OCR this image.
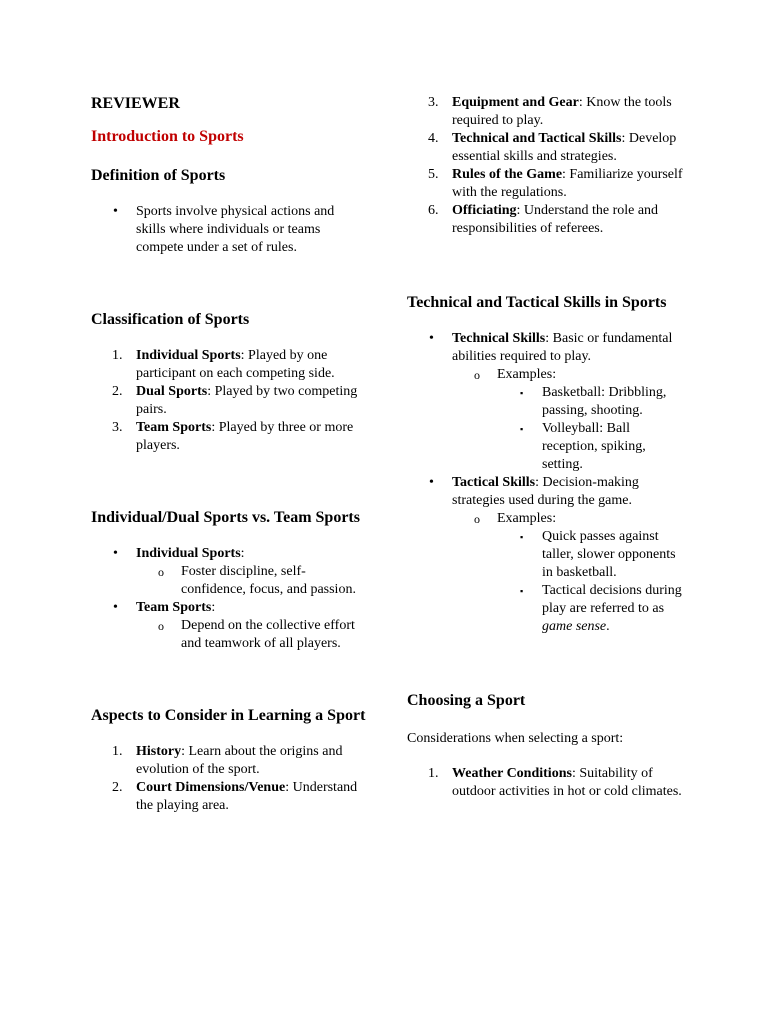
REVIEWER
Introduction to Sports
Definition of Sports
• Sports involve physical actions and skills where individuals or teams compete under a set of rules.
Classification of Sports
1. Individual Sports: Played by one participant on each competing side.
2. Dual Sports: Played by two competing pairs.
3. Team Sports: Played by three or more players.
Individual/Dual Sports vs. Team Sports
• Individual Sports:
o Foster discipline, self-confidence, focus, and passion.
• Team Sports:
o Depend on the collective effort and teamwork of all players.
Aspects to Consider in Learning a Sport
1. History: Learn about the origins and evolution of the sport.
2. Court Dimensions/Venue: Understand the playing area.
3. Equipment and Gear: Know the tools required to play.
4. Technical and Tactical Skills: Develop essential skills and strategies.
5. Rules of the Game: Familiarize yourself with the regulations.
6. Officiating: Understand the role and responsibilities of referees.
Technical and Tactical Skills in Sports
• Technical Skills: Basic or fundamental abilities required to play.
o Examples:
▪ Basketball: Dribbling, passing, shooting.
▪ Volleyball: Ball reception, spiking, setting.
• Tactical Skills: Decision-making strategies used during the game.
o Examples:
▪ Quick passes against taller, slower opponents in basketball.
▪ Tactical decisions during play are referred to as game sense.
Choosing a Sport

Considerations when selecting a sport:

1. Weather Conditions: Suitability of outdoor activities in hot or cold climates.
